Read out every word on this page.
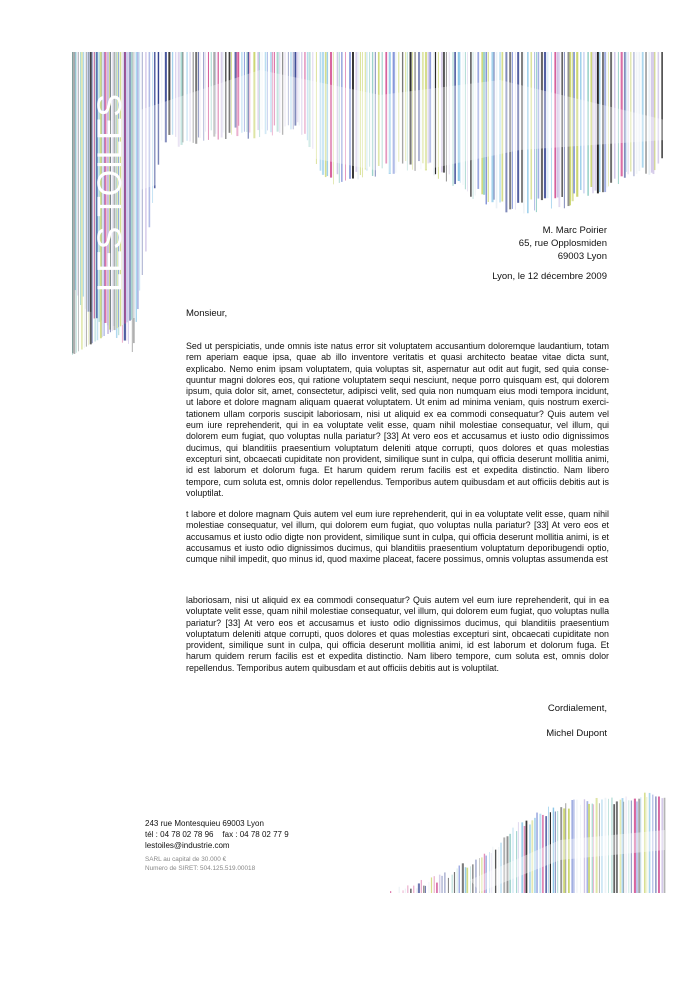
LES TOILES	M. Marc Poirier
65, rue Opplosmiden
69003 Lyon
Lyon, le 12 décembre 2009
Monsieur,

Sed ut perspiciatis, unde omnis iste natus error sit voluptatem accusantium doloremque laudantium, totam rem aperiam eaque ipsa, quae ab illo inventore veritatis et quasi architecto beatae vitae dicta sunt, explicabo. Nemo enim ipsam voluptatem, quia voluptas sit, aspernatur aut odit aut fugit, sed quia conse-quuntur magni dolores eos, qui ratione voluptatem sequi nesciunt, neque porro quisquam est, qui dolorem ipsum, quia dolor sit, amet, consectetur, adipisci velit, sed quia non numquam eius modi tempora incidunt, ut labore et dolore magnam aliquam quaerat voluptatem. Ut enim ad minima veniam, quis nostrum exerci-tationem ullam corporis suscipit laboriosam, nisi ut aliquid ex ea commodi consequatur? Quis autem vel eum iure reprehenderit, qui in ea voluptate velit esse, quam nihil molestiae consequatur, vel illum, qui dolorem eum fugiat, quo voluptas nulla pariatur? [33] At vero eos et accusamus et iusto odio dignissimos ducimus, qui blanditiis praesentium voluptatum deleniti atque corrupti, quos dolores et quas molestias excepturi sint, obcaecati cupiditate non provident, similique sunt in culpa, qui officia deserunt mollitia animi, id est laborum et dolorum fuga. Et harum quidem rerum facilis est et expedita distinctio. Nam libero tempore, cum soluta est, omnis dolor repellendus. Temporibus autem quibusdam et aut officiis debitis aut is voluptilat.

t labore et dolore magnam Quis autem vel eum iure reprehenderit, qui in ea voluptate velit esse, quam nihil molestiae consequatur, vel illum, qui dolorem eum fugiat, quo voluptas nulla pariatur? [33] At vero eos et accusamus et iusto odio digte non provident, similique sunt in culpa, qui officia deserunt mollitia animi, is et accusamus et iusto odio dignissimos ducimus, qui blanditiis praesentium voluptatum deporibugendi optio, cumque nihil impedit, quo minus id, quod maxime placeat, facere possimus, omnis voluptas assumenda est

laboriosam, nisi ut aliquid ex ea commodi consequatur? Quis autem vel eum iure reprehenderit, qui in ea voluptate velit esse, quam nihil molestiae consequatur, vel illum, qui dolorem eum fugiat, quo voluptas nulla pariatur? [33] At vero eos et accusamus et iusto odio dignissimos ducimus, qui blanditiis praesentium voluptatum deleniti atque corrupti, quos dolores et quas molestias excepturi sint, obcaecati cupiditate non provident, similique sunt in culpa, qui officia deserunt mollitia animi, id est laborum et dolorum fuga. Et harum quidem rerum facilis est et expedita distinctio. Nam libero tempore, cum soluta est, omnis dolor repellendus. Temporibus autem quibusdam et aut officiis debitis aut is voluptilat.

Cordialement,
Michel Dupont
243 rue Montesquieu 69003 Lyon
tél : 04 78 02 78 96 fax : 04 78 02 77 9
lestoiles@industrie.com
SARL au capital de 30.000 €
Numero de SIRET: 504.125.519.00018
